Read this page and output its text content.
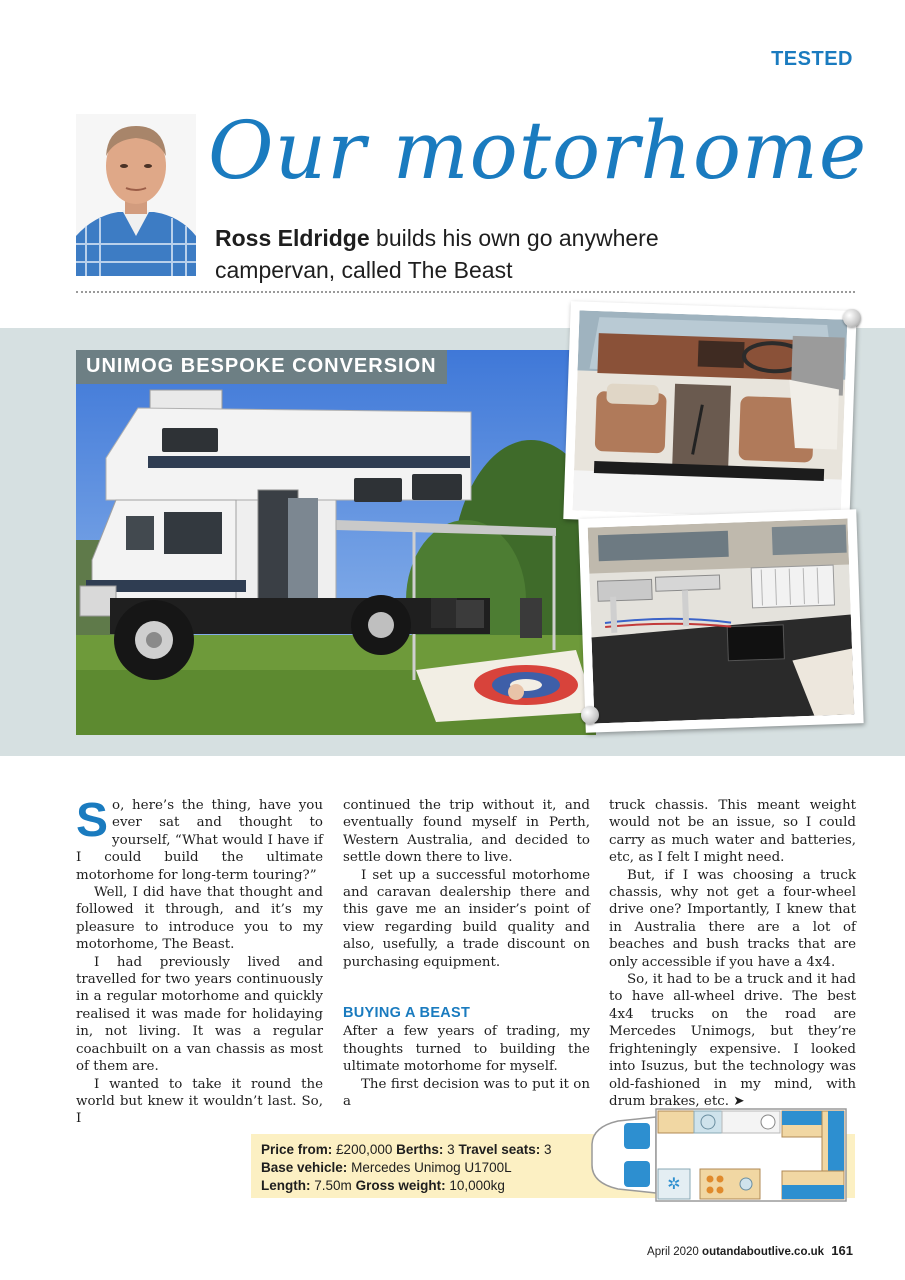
TESTED
Our motorhome
Ross Eldridge builds his own go anywhere
campervan, called The Beast
UNIMOG BESPOKE CONVERSION
S o, here’s the thing, have you ever sat and thought to yourself, “What would I have if I could build the ultimate motorhome for long-term touring?”

Well, I did have that thought and followed it through, and it’s my pleasure to introduce you to my motorhome, The Beast.

I had previously lived and travelled for two years continuously in a regular motorhome and quickly realised it was made for holidaying in, not living. It was a regular coachbuilt on a van chassis as most of them are.

I wanted to take it round the world but knew it wouldn’t last. So, I

continued the trip without it, and eventually found myself in Perth, Western Australia, and decided to settle down there to live.

I set up a successful motorhome and caravan dealership there and this gave me an insider’s point of view regarding build quality and also, usefully, a trade discount on purchasing equipment.

BUYING A BEAST

After a few years of trading, my thoughts turned to building the ultimate motorhome for myself.

The first decision was to put it on a

truck chassis. This meant weight would not be an issue, so I could carry as much water and batteries, etc, as I felt I might need.

But, if I was choosing a truck chassis, why not get a four-wheel drive one? Importantly, I knew that in Australia there are a lot of beaches and bush tracks that are only accessible if you have a 4x4.

So, it had to be a truck and it had to have all-wheel drive. The best 4x4 trucks on the road are Mercedes Unimogs, but they’re frighteningly expensive. I looked into Isuzus, but the technology was old-fashioned in my mind, with drum brakes, etc. ➤

Price from: £200,000 Berths: 3 Travel seats: 3
Base vehicle: Mercedes Unimog U1700L
Length: 7.50m Gross weight: 10,000kg	✲
April 2020 outandaboutlive.co.uk 161
